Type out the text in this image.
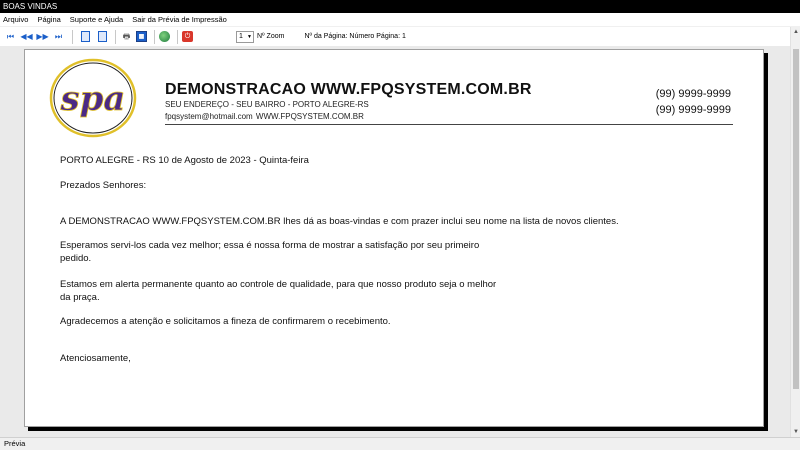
BOAS VINDAS
Arquivo Página Suporte e Ajuda Sair da Prévia de Impressão
⏮ ◀◀ ▶▶ ⏭	🖶	▦	⏻	1 ▼ Nº Zoom	Nº da Página: Número Página: 1
spa DEMONSTRACAO WWW.FPQSYSTEM.COM.BR
SEU ENDEREÇO - SEU BAIRRO - PORTO ALEGRE-RS
fpqsystem@hotmail.com WWW.FPQSYSTEM.COM.BR
(99) 9999-9999
(99) 9999-9999

PORTO ALEGRE - RS 10 de Agosto de 2023 - Quinta-feira

Prezados Senhores:

A DEMONSTRACAO WWW.FPQSYSTEM.COM.BR lhes dá as boas-vindas e com prazer inclui seu nome na lista de novos clientes.

Esperamos servi-los cada vez melhor; essa é nossa forma de mostrar a satisfação por seu primeiro
pedido.

Estamos em alerta permanente quanto ao controle de qualidade, para que nosso produto seja o melhor
da praça.

Agradecemos a atenção e solicitamos a fineza de confirmarem o recebimento.

Atenciosamente,

▲
▼
Prévia
